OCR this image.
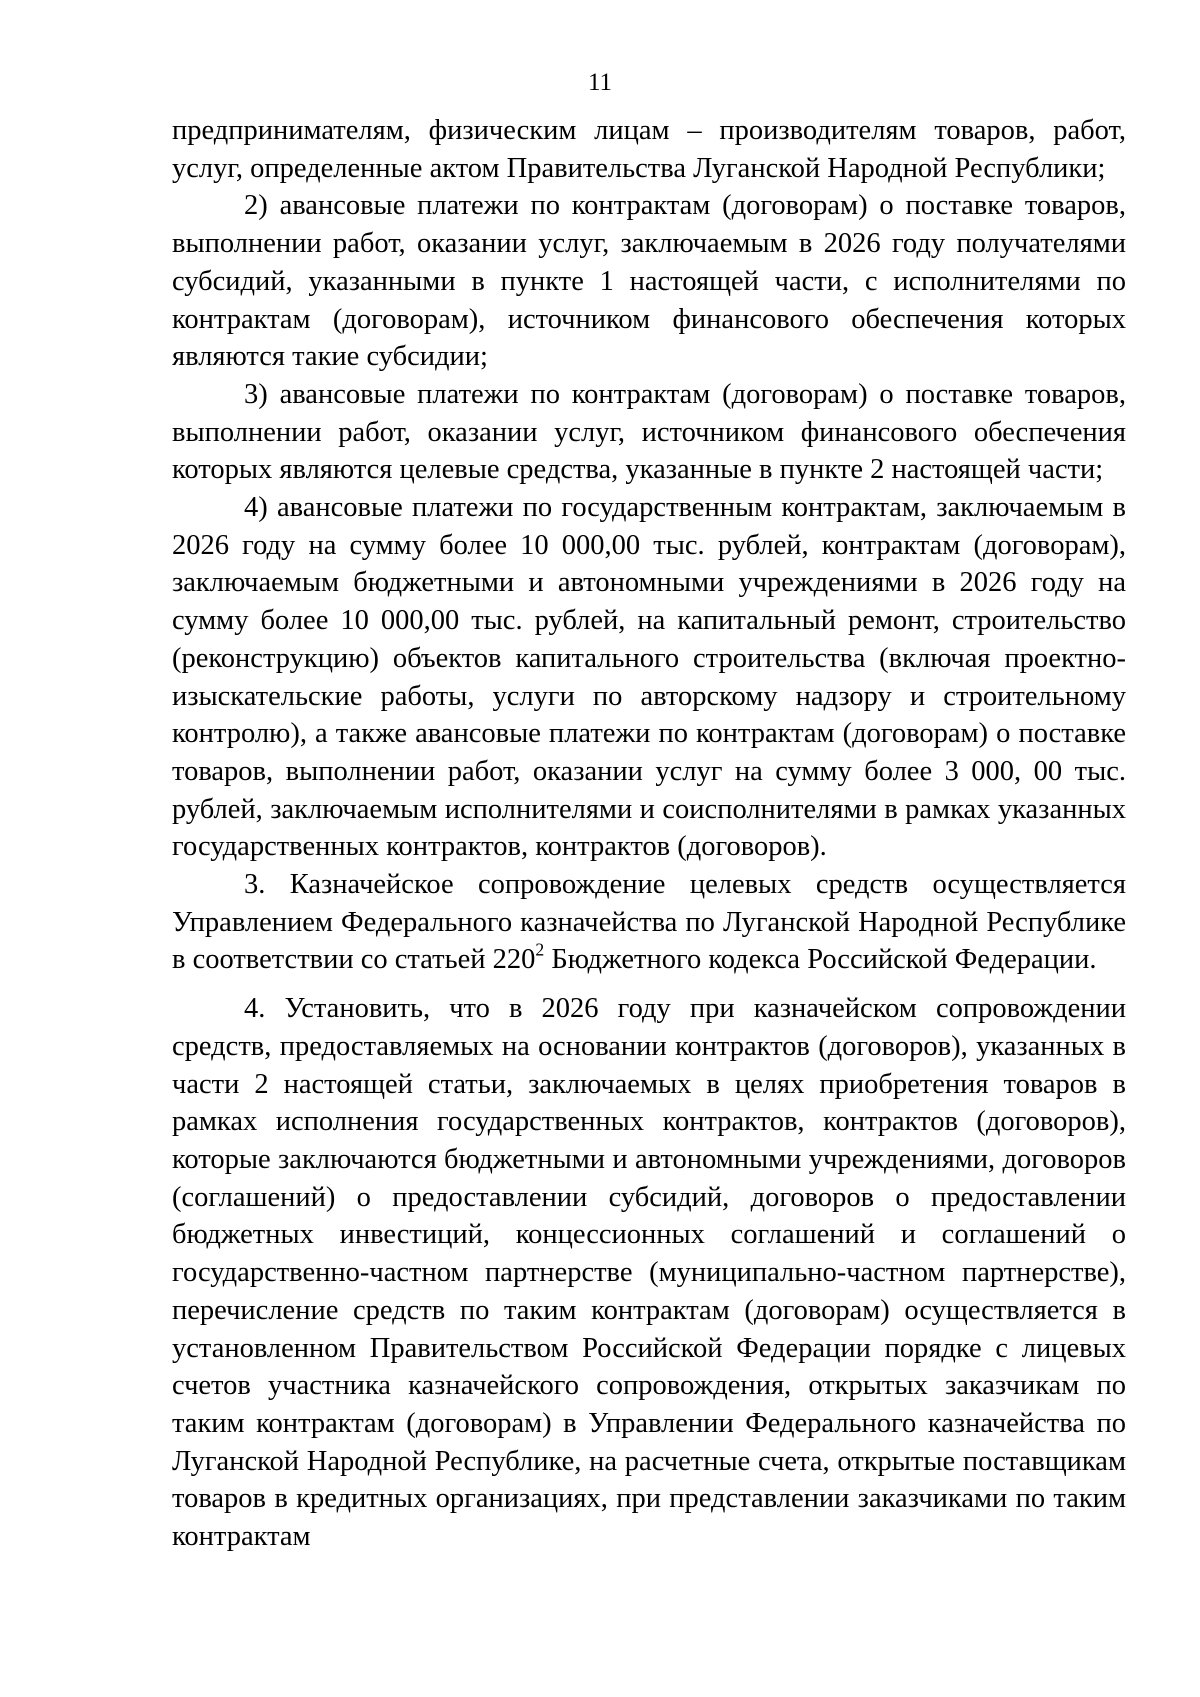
11

предпринимателям, физическим лицам – производителям товаров, работ, услуг, определенные актом Правительства Луганской Народной Республики;

2) авансовые платежи по контрактам (договорам) о поставке товаров, выполнении работ, оказании услуг, заключаемым в 2026 году получателями субсидий, указанными в пункте 1 настоящей части, с исполнителями по контрактам (договорам), источником финансового обеспечения которых являются такие субсидии;

3) авансовые платежи по контрактам (договорам) о поставке товаров, выполнении работ, оказании услуг, источником финансового обеспечения которых являются целевые средства, указанные в пункте 2 настоящей части;

4) авансовые платежи по государственным контрактам, заключаемым в 2026 году на сумму более 10 000,00 тыс. рублей, контрактам (договорам), заключаемым бюджетными и автономными учреждениями в 2026 году на сумму более 10 000,00 тыс. рублей, на капитальный ремонт, строительство (реконструкцию) объектов капитального строительства (включая проектно-изыскательские работы, услуги по авторскому надзору и строительному контролю), а также авансовые платежи по контрактам (договорам) о поставке товаров, выполнении работ, оказании услуг на сумму более 3 000, 00 тыс. рублей, заключаемым исполнителями и соисполнителями в рамках указанных государственных контрактов, контрактов (договоров).

3. Казначейское сопровождение целевых средств осуществляется Управлением Федерального казначейства по Луганской Народной Республике в соответствии со статьей $220^2$ Бюджетного кодекса Российской Федерации.

4. Установить, что в 2026 году при казначейском сопровождении средств, предоставляемых на основании контрактов (договоров), указанных в части 2 настоящей статьи, заключаемых в целях приобретения товаров в рамках исполнения государственных контрактов, контрактов (договоров), которые заключаются бюджетными и автономными учреждениями, договоров (соглашений) о предоставлении субсидий, договоров о предоставлении бюджетных инвестиций, концессионных соглашений и соглашений о государственно-частном партнерстве (муниципально-частном партнерстве), перечисление средств по таким контрактам (договорам) осуществляется в установленном Правительством Российской Федерации порядке с лицевых счетов участника казначейского сопровождения, открытых заказчикам по таким контрактам (договорам) в Управлении Федерального казначейства по Луганской Народной Республике, на расчетные счета, открытые поставщикам товаров в кредитных организациях, при представлении заказчиками по таким контрактам
